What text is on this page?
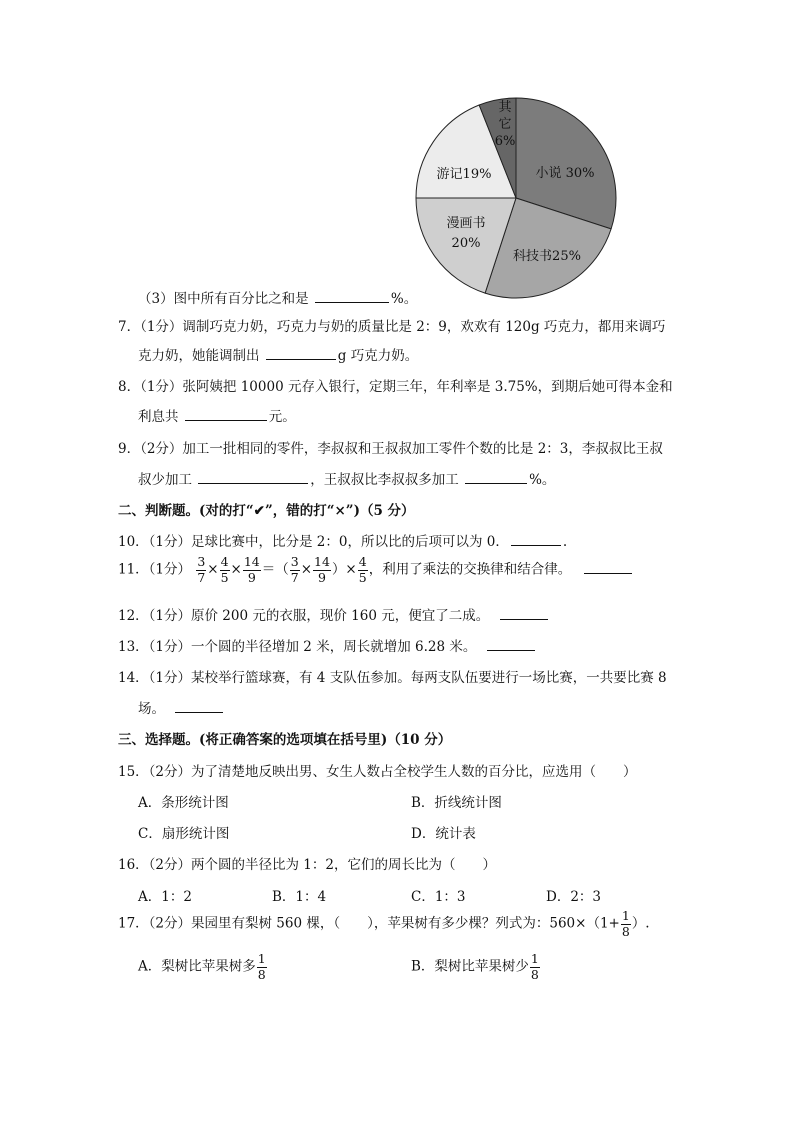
小说 30%
科技书25%
漫画书
20%
游记19%
其
它
6%
（3）图中所有百分比之和是	%。
7．（1分）调制巧克力奶，巧克力与奶的质量比是 2：9，欢欢有 120g 巧克力，都用来调巧
克力奶，她能调制出	g 巧克力奶。
8．（1分）张阿姨把 10000 元存入银行，定期三年，年利率是 3.75%，到期后她可得本金和
利息共	元。
9．（2分）加工一批相同的零件，李叔叔和王叔叔加工零件个数的比是 2：3，李叔叔比王叔
叔少加工	，王叔叔比李叔叔多加工	%。
二、判断题。(对的打“✔”，错的打“×”)（5 分）
10．（1分）足球比赛中，比分是 2：0，所以比的后项可以为 0．	.
11．（1分） $\frac{3}{7} \times \frac{4}{5} \times \frac{14}{9}$ ＝（ $\frac{3}{7} \times \frac{14}{9}$ ）× $\frac{4}{5}$ ，利用了乘法的交换律和结合律。
12．（1分）原价 200 元的衣服，现价 160 元，便宜了二成。
13．（1分）一个圆的半径增加 2 米，周长就增加 6.28 米。
14．（1分）某校举行篮球赛，有 4 支队伍参加。每两支队伍要进行一场比赛，一共要比赛 8
场。
三、选择题。(将正确答案的选项填在括号里)（10 分）
15．（2分）为了清楚地反映出男、女生人数占全校学生人数的百分比，应选用（　　）
A．条形统计图	B．折线统计图
C．扇形统计图	D．统计表
16．（2分）两个圆的半径比为 1：2，它们的周长比为（　　）
A．1：2	B．1：4	C．1：3	D．2：3
17．（2分）果园里有梨树 560 棵，（　　），苹果树有多少棵？列式为：$560\times(1+ \frac{1}{8}$ ）.
A．梨树比苹果树多 $\frac{1}{8}$	B．梨树比苹果树少 $\frac{1}{8}$
